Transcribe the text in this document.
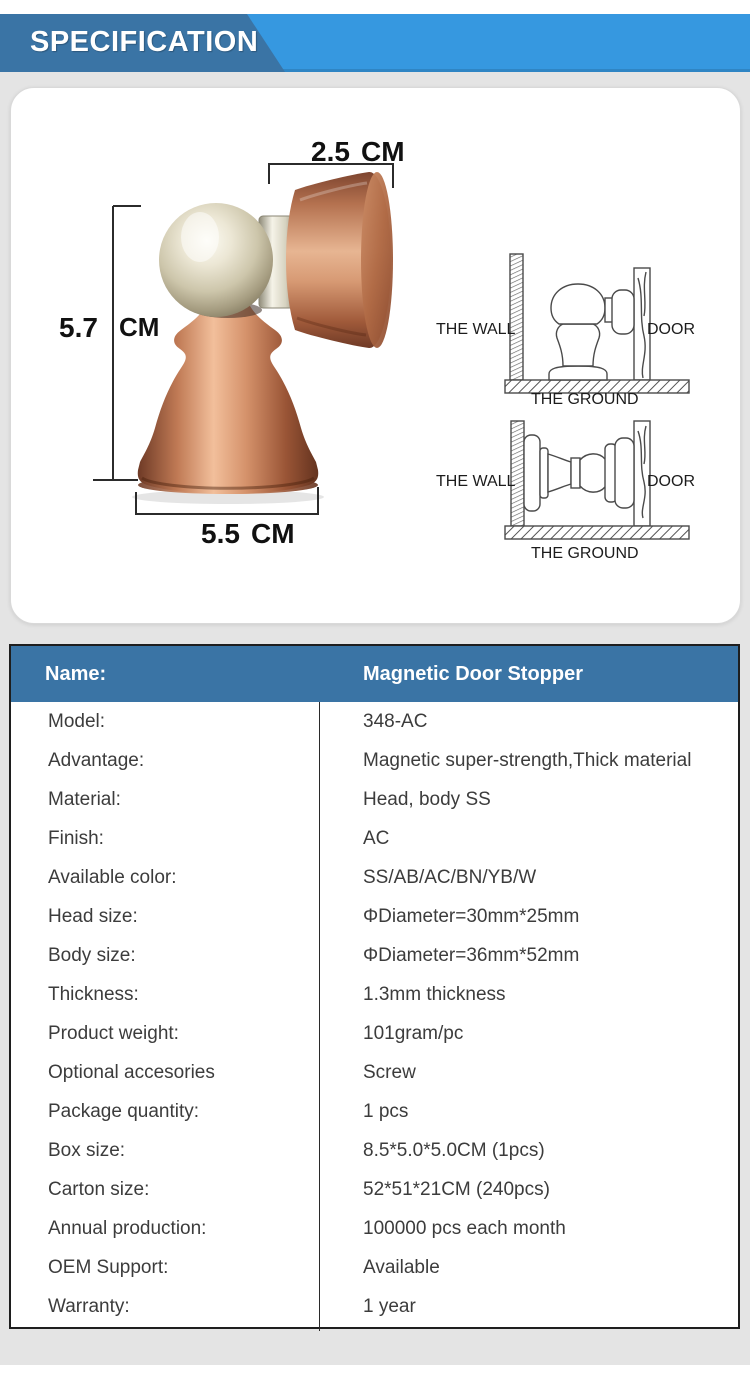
SPECIFICATION
2.5 CM
5.7 CM
5.5 CM
THE WALL	DOOR
THE GROUND
THE WALL	DOOR
THE GROUND
Name:	Magnetic Door Stopper
Model:	348-AC
Advantage:	Magnetic super-strength,Thick material
Material:	Head, body SS
Finish:	AC
Available color:	SS/AB/AC/BN/YB/W
Head size:	ΦDiameter=30mm*25mm
Body size:	ΦDiameter=36mm*52mm
Thickness:	1.3mm thickness
Product weight:	101gram/pc
Optional accesories	Screw
Package quantity:	1 pcs
Box size:	8.5*5.0*5.0CM (1pcs)
Carton size:	52*51*21CM (240pcs)
Annual production:	100000 pcs each month
OEM Support:	Available
Warranty:	1 year
